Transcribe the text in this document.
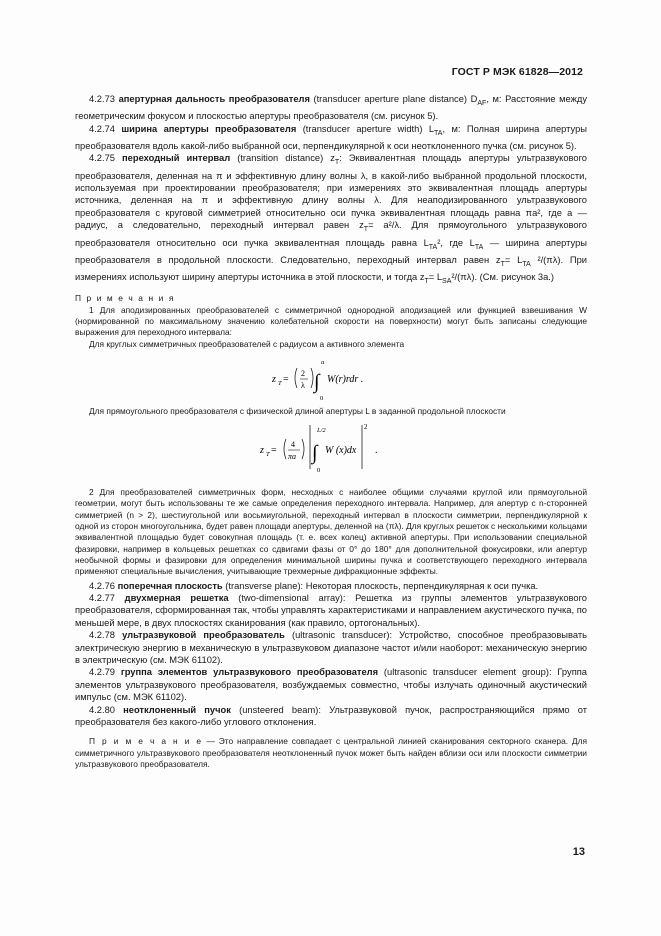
ГОСТ Р МЭК 61828—2012

4.2.73 апертурная дальность преобразователя (transducer aperture plane distance) $D_{AF}$, м: Расстояние между геометрическим фокусом и плоскостью апертуры преобразователя (см. рисунок 5).

4.2.74 ширина апертуры преобразователя (transducer aperture width) $L_{TA}$, м: Полная ширина апертуры преобразователя вдоль какой-либо выбранной оси, перпендикулярной к оси неотклоненного пучка (см. рисунок 5).

4.2.75 переходный интервал (transition distance) $z_T$: Эквивалентная площадь апертуры ультразвукового преобразователя, деленная на π и эффективную длину волны λ, в какой-либо выбранной продольной плоскости, используемая при проектировании преобразователя; при измерениях это эквивалентная площадь апертуры источника, деленная на π и эффективную длину волны λ. Для неаподизированного ультразвукового преобразователя с круговой симметрией относительно оси пучка эквивалентная площадь равна πa², где a — радиус, а следовательно, переходный интервал равен $z_T= a^2/\lambda$. Для прямоугольного ультразвукового преобразователя относительно оси пучка эквивалентная площадь равна $L_{TA}^2$, где $L_{TA}$ — ширина апертуры преобразователя в продольной плоскости. Следовательно, переходный интервал равен $z_T= L_{TA}$ ²/(πλ). При измерениях используют ширину апертуры источника в этой плоскости, и тогда $z_T= L_{SA}^2/(\pi\lambda)$. (См. рисунок 3а.)

П р и м е ч а н и я

1 Для аподизированных преобразователей с симметричной однородной аподизацией или функцией взвешивания W (нормированной по максимальному значению колебательной скорости на поверхности) могут быть записаны следующие выражения для переходного интервала:

Для круглых симметричных преобразователей с радиусом a активного элемента

z T =
2
λ ∫
a
0
W(r)rdr .

Для прямоугольного преобразователя с физической длиной апертуры L в заданной продольной плоскости

z T =
4
πa ∫
L/2
0
W (x)dx
2
.

2 Для преобразователей симметричных форм, несходных с наиболее общими случаями круглой или прямоугольной геометрии, могут быть использованы те же самые определения переходного интервала. Например, для апертур с n-сторонней симметрией (n > 2), шестиугольной или восьмиугольной, переходный интервал в плоскости симметрии, перпендикулярной к одной из сторон многоугольника, будет равен площади апертуры, деленной на (πλ). Для круглых решеток с несколькими кольцами эквивалентной площадью будет совокупная площадь (т. е. всех колец) активной апертуры. При использовании специальной фазировки, например в кольцевых решетках со сдвигами фазы от 0° до 180° для дополнительной фокусировки, или апертур необычной формы и фазировки для определения минимальной ширины пучка и соответствующего переходного интервала применяют специальные вычисления, учитывающие трехмерные дифракционные эффекты.

4.2.76 поперечная плоскость (transverse plane): Некоторая плоскость, перпендикулярная к оси пучка.

4.2.77 двухмерная решетка (two-dimensional array): Решетка из группы элементов ультразвукового преобразователя, сформированная так, чтобы управлять характеристиками и направлением акустического пучка, по меньшей мере, в двух плоскостях сканирования (как правило, ортогональных).

4.2.78 ультразвуковой преобразователь (ultrasonic transducer): Устройство, способное преобразовывать электрическую энергию в механическую в ультразвуковом диапазоне частот и/или наоборот: механическую энергию в электрическую (см. МЭК 61102).

4.2.79 группа элементов ультразвукового преобразователя (ultrasonic transducer element group): Группа элементов ультразвукового преобразователя, возбуждаемых совместно, чтобы излучать одиночный акустический импульс (см. МЭК 61102).

4.2.80 неотклоненный пучок (unsteered beam): Ультразвуковой пучок, распространяющийся прямо от преобразователя без какого-либо углового отклонения.

П р и м е ч а н и е — Это направление совпадает с центральной линией сканирования секторного сканера. Для симметричного ультразвукового преобразователя неотклоненный пучок может быть найден вблизи оси или плоскости симметрии ультразвукового преобразователя.

13
